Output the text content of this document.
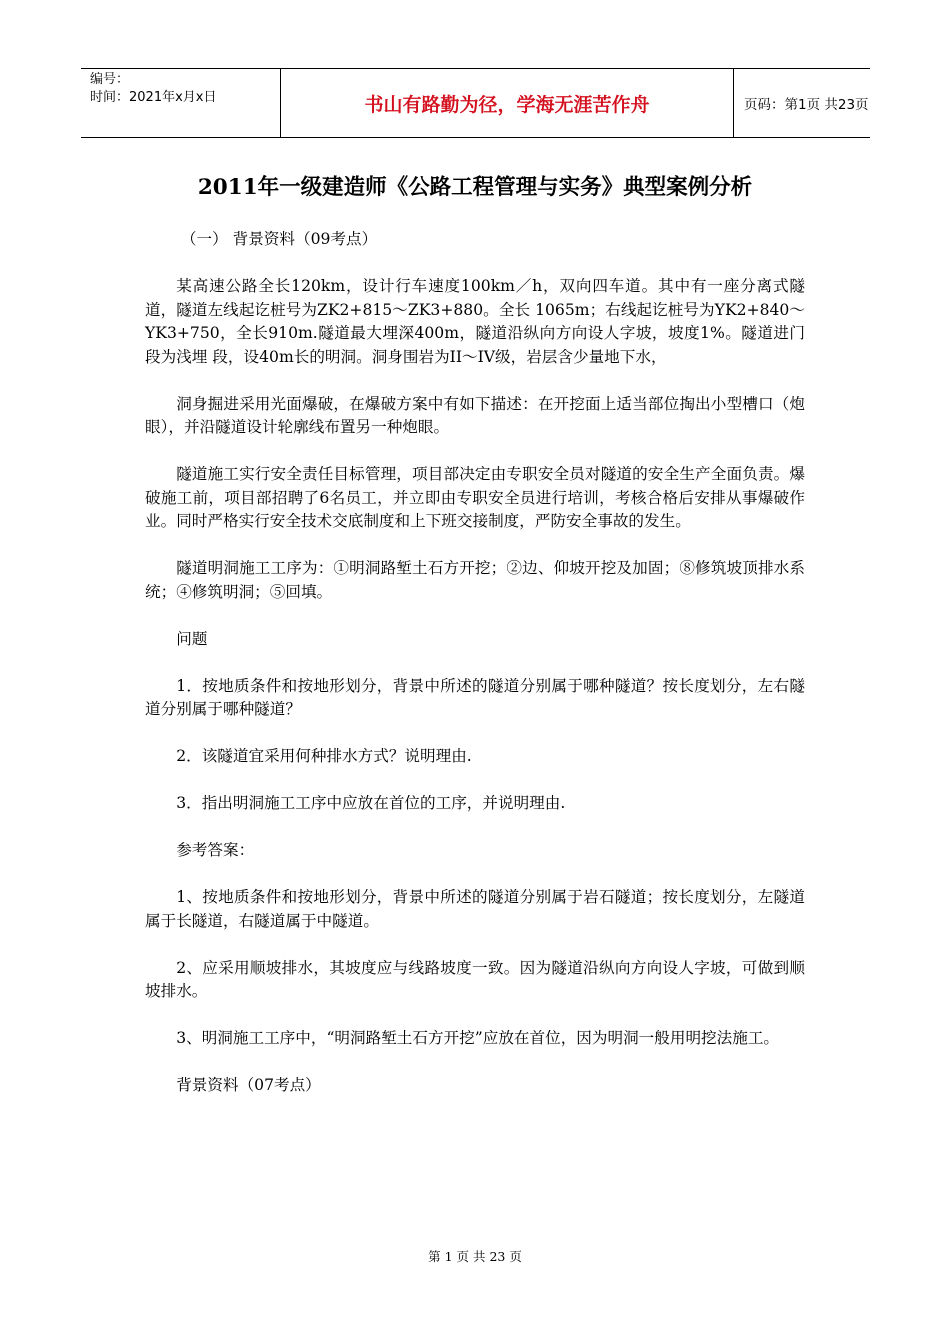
编号：
时间：2021年x月x日	书山有路勤为径，学海无涯苦作舟	页码：第1页 共23页
2011年一级建造师《公路工程管理与实务》典型案例分析

（一） 背景资料（09考点）

某高速公路全长120km，设计行车速度100km／h，双向四车道。其中有一座分离式隧道，隧道左线起讫桩号为ZK2+815～ZK3+880。全长 1065m；右线起讫桩号为YK2+840～YK3+750，全长910m.隧道最大埋深400m，隧道沿纵向方向设人字坡，坡度1%。隧道进门段为浅埋 段，设40m长的明洞。洞身围岩为II～IV级，岩层含少量地下水，

洞身掘进采用光面爆破，在爆破方案中有如下描述：在开挖面上适当部位掏出小型槽口（炮眼），并沿隧道设计轮廓线布置另一种炮眼。

隧道施工实行安全责任目标管理，项目部决定由专职安全员对隧道的安全生产全面负责。爆破施工前，项目部招聘了6名员工，并立即由专职安全员进行培训，考核合格后安排从事爆破作业。同时严格实行安全技术交底制度和上下班交接制度，严防安全事故的发生。

隧道明洞施工工序为：①明洞路堑土石方开挖；②边、仰坡开挖及加固；⑧修筑坡顶排水系统；④修筑明洞；⑤回填。

问题

1．按地质条件和按地形划分，背景中所述的隧道分别属于哪种隧道？按长度划分，左右隧道分别属于哪种隧道？

2．该隧道宜采用何种排水方式？说明理由.

3．指出明洞施工工序中应放在首位的工序，并说明理由.

参考答案：

1、按地质条件和按地形划分，背景中所述的隧道分别属于岩石隧道；按长度划分，左隧道属于长隧道，右隧道属于中隧道。

2、应采用顺坡排水，其坡度应与线路坡度一致。因为隧道沿纵向方向设人字坡，可做到顺坡排水。

3、明洞施工工序中，“明洞路堑土石方开挖”应放在首位，因为明洞一般用明挖法施工。

背景资料（07考点）

第 1 页 共 23 页
